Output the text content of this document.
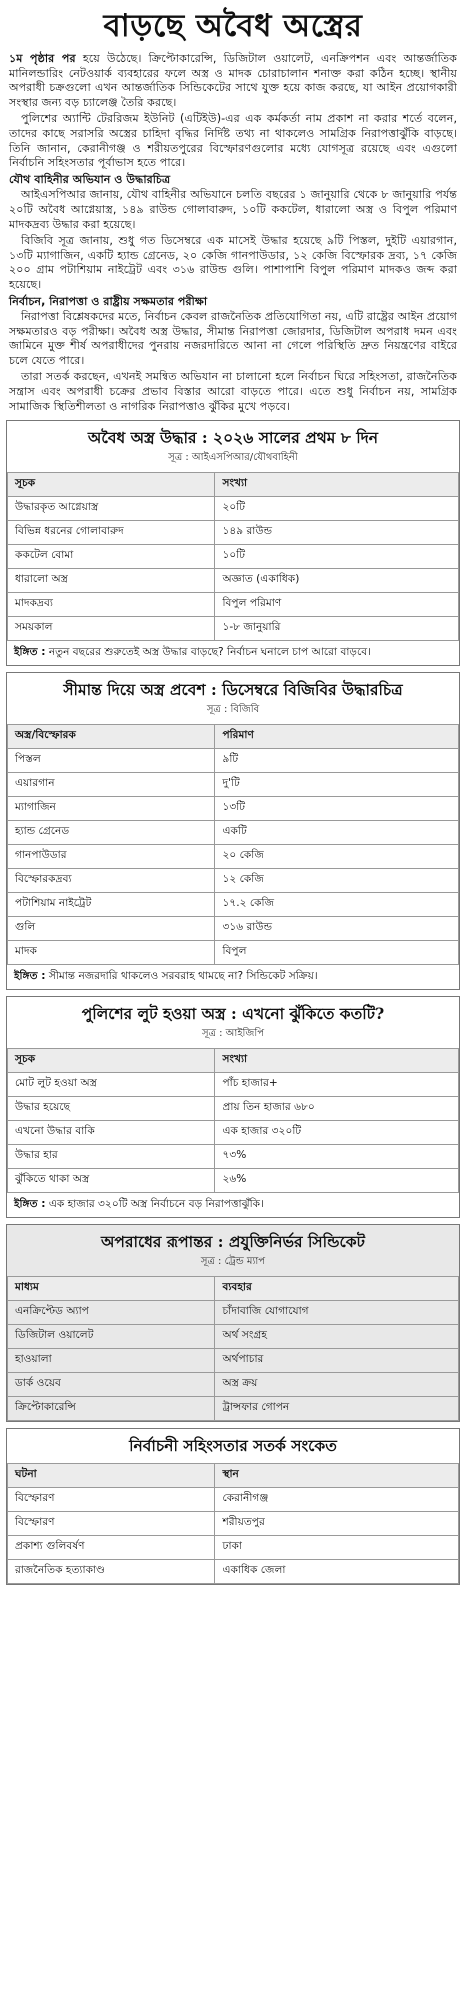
বাড়ছে অবৈধ অস্ত্রের

১ম পৃষ্ঠার পর হয়ে উঠেছে। ক্রিপ্টোকারেন্সি, ডিজিটাল ওয়ালেট, এনক্রিপশন এবং আন্তর্জাতিক মানিলন্ডারিং নেটওয়ার্ক ব্যবহারের ফলে অস্ত্র ও মাদক চোরাচালান শনাক্ত করা কঠিন হচ্ছে। স্থানীয় অপরাধী চক্রগুলো এখন আন্তর্জাতিক সিন্ডিকেটের সাথে যুক্ত হয়ে কাজ করছে, যা আইন প্রয়োগকারী সংস্থার জন্য বড় চ্যালেঞ্জ তৈরি করছে।

পুলিশের অ্যান্টি টেররিজম ইউনিট (এটিইউ)-এর এক কর্মকর্তা নাম প্রকাশ না করার শর্তে বলেন, তাদের কাছে সরাসরি অস্ত্রের চাহিদা বৃদ্ধির নির্দিষ্ট তথ্য না থাকলেও সামগ্রিক নিরাপত্তাঝুঁকি বাড়ছে। তিনি জানান, কেরানীগঞ্জ ও শরীয়তপুরের বিস্ফোরণগুলোর মধ্যে যোগসূত্র রয়েছে এবং এগুলো নির্বাচনি সহিংসতার পূর্বাভাস হতে পারে।

যৌথ বাহিনীর অভিযান ও উদ্ধারচিত্র

আইএসপিআর জানায়, যৌথ বাহিনীর অভিযানে চলতি বছরের ১ জানুয়ারি থেকে ৮ জানুয়ারি পর্যন্ত ২০টি অবৈধ আগ্নেয়াস্ত্র, ১৪৯ রাউন্ড গোলাবারুদ, ১০টি ককটেল, ধারালো অস্ত্র ও বিপুল পরিমাণ মাদকদ্রব্য উদ্ধার করা হয়েছে।

বিজিবি সূত্র জানায়, শুধু গত ডিসেম্বরে এক মাসেই উদ্ধার হয়েছে ৯টি পিস্তল, দুইটি এয়ারগান, ১৩টি ম্যাগাজিন, একটি হ্যান্ড গ্রেনেড, ২০ কেজি গানপাউডার, ১২ কেজি বিস্ফোরক দ্রব্য, ১৭ কেজি ২০০ গ্রাম পটাশিয়াম নাইট্রেট এবং ৩১৬ রাউন্ড গুলি। পাশাপাশি বিপুল পরিমাণ মাদকও জব্দ করা হয়েছে।

নির্বাচন, নিরাপত্তা ও রাষ্ট্রীয় সক্ষমতার পরীক্ষা

নিরাপত্তা বিশ্লেষকদের মতে, নির্বাচন কেবল রাজনৈতিক প্রতিযোগিতা নয়, এটি রাষ্ট্রের আইন প্রয়োগ সক্ষমতারও বড় পরীক্ষা। অবৈধ অস্ত্র উদ্ধার, সীমান্ত নিরাপত্তা জোরদার, ডিজিটাল অপরাধ দমন এবং জামিনে মুক্ত শীর্ষ অপরাধীদের পুনরায় নজরদারিতে আনা না গেলে পরিস্থিতি দ্রুত নিয়ন্ত্রণের বাইরে চলে যেতে পারে।

তারা সতর্ক করছেন, এখনই সমন্বিত অভিযান না চালানো হলে নির্বাচন ঘিরে সহিংসতা, রাজনৈতিক সন্ত্রাস এবং অপরাধী চক্রের প্রভাব বিস্তার আরো বাড়তে পারে। এতে শুধু নির্বাচন নয়, সামগ্রিক সামাজিক স্থিতিশীলতা ও নাগরিক নিরাপত্তাও ঝুঁকির মুখে পড়বে।

অবৈধ অস্ত্র উদ্ধার : ২০২৬ সালের প্রথম ৮ দিন
সূত্র : আইএসপিআর/যৌথবাহিনী
সূচক	সংখ্যা
উদ্ধারকৃত আগ্নেয়াস্ত্র	২০টি
বিভিন্ন ধরনের গোলাবারুদ	১৪৯ রাউন্ড
ককটেল বোমা	১০টি
ধারালো অস্ত্র	অজ্ঞাত (একাধিক)
মাদকদ্রব্য	বিপুল পরিমাণ
সময়কাল	১-৮ জানুয়ারি
ইঙ্গিত : নতুন বছরের শুরুতেই অস্ত্র উদ্ধার বাড়ছে? নির্বাচন ঘনালে চাপ আরো বাড়বে।
সীমান্ত দিয়ে অস্ত্র প্রবেশ : ডিসেম্বরে বিজিবির উদ্ধারচিত্র
সূত্র : বিজিবি
অস্ত্র/বিস্ফোরক	পরিমাণ
পিস্তল	৯টি
এয়ারগান	দু'টি
ম্যাগাজিন	১৩টি
হ্যান্ড গ্রেনেড	একটি
গানপাউডার	২০ কেজি
বিস্ফোরকদ্রব্য	১২ কেজি
পটাশিয়াম নাইট্রেট	১৭.২ কেজি
গুলি	৩১৬ রাউন্ড
মাদক	বিপুল
ইঙ্গিত : সীমান্ত নজরদারি থাকলেও সরবরাহ থামছে না? সিন্ডিকেট সক্রিয়।
পুলিশের লুট হওয়া অস্ত্র : এখনো ঝুঁকিতে কতটি?
সূত্র : আইজিপি
সূচক	সংখ্যা
মোট লুট হওয়া অস্ত্র	পাঁচ হাজার+
উদ্ধার হয়েছে	প্রায় তিন হাজার ৬৮০
এখনো উদ্ধার বাকি	এক হাজার ৩২০টি
উদ্ধার হার	৭৩%
ঝুঁকিতে থাকা অস্ত্র	২৬%
ইঙ্গিত : এক হাজার ৩২০টি অস্ত্র নির্বাচনে বড় নিরাপত্তাঝুঁকি।
অপরাধের রূপান্তর : প্রযুক্তিনির্ভর সিন্ডিকেট
সূত্র : ট্রেন্ড ম্যাপ
মাধ্যম	ব্যবহার
এনক্রিপ্টেড অ্যাপ	চাঁদাবাজি যোগাযোগ
ডিজিটাল ওয়ালেট	অর্থ সংগ্রহ
হাওয়ালা	অর্থপাচার
ডার্ক ওয়েব	অস্ত্র ক্রয়
ক্রিপ্টোকারেন্সি	ট্রান্সফার গোপন
নির্বাচনী সহিংসতার সতর্ক সংকেত
ঘটনা	স্থান
বিস্ফোরণ	কেরানীগঞ্জ
বিস্ফোরণ	শরীয়তপুর
প্রকাশ্য গুলিবর্ষণ	ঢাকা
রাজনৈতিক হত্যাকাণ্ড	একাধিক জেলা
